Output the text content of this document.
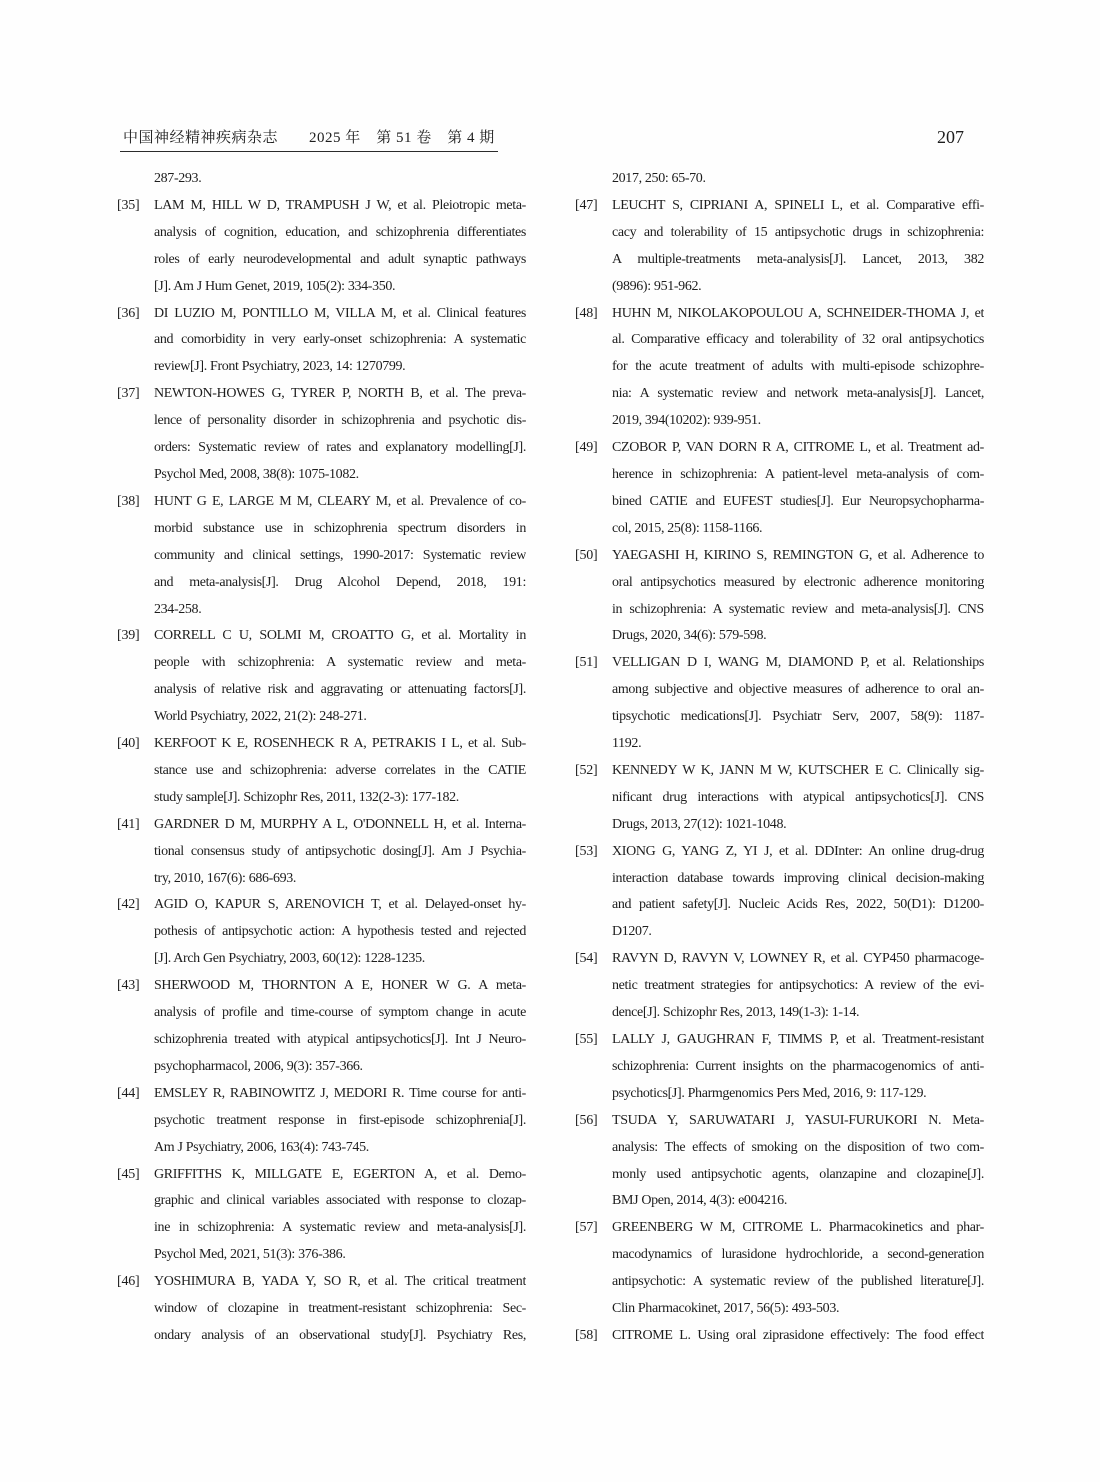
中国神经精神疾病杂志　　2025 年　第 51 卷　第 4 期	207
287-293.
[35]	LAM M, HILL W D, TRAMPUSH J W, et al. Pleiotropic meta-
analysis of cognition, education, and schizophrenia differentiates
roles of early neurodevelopmental and adult synaptic pathways
[J]. Am J Hum Genet, 2019, 105(2): 334-350.
[36]	DI LUZIO M, PONTILLO M, VILLA M, et al. Clinical features
and comorbidity in very early-onset schizophrenia: A systematic
review[J]. Front Psychiatry, 2023, 14: 1270799.
[37]	NEWTON-HOWES G, TYRER P, NORTH B, et al. The preva-
lence of personality disorder in schizophrenia and psychotic dis-
orders: Systematic review of rates and explanatory modelling[J].
Psychol Med, 2008, 38(8): 1075-1082.
[38]	HUNT G E, LARGE M M, CLEARY M, et al. Prevalence of co-
morbid substance use in schizophrenia spectrum disorders in
community and clinical settings, 1990-2017: Systematic review
and meta-analysis[J]. Drug Alcohol Depend, 2018, 191:
234-258.
[39]	CORRELL C U, SOLMI M, CROATTO G, et al. Mortality in
people with schizophrenia: A systematic review and meta-
analysis of relative risk and aggravating or attenuating factors[J].
World Psychiatry, 2022, 21(2): 248-271.
[40]	KERFOOT K E, ROSENHECK R A, PETRAKIS I L, et al. Sub-
stance use and schizophrenia: adverse correlates in the CATIE
study sample[J]. Schizophr Res, 2011, 132(2-3): 177-182.
[41]	GARDNER D M, MURPHY A L, O'DONNELL H, et al. Interna-
tional consensus study of antipsychotic dosing[J]. Am J Psychia-
try, 2010, 167(6): 686-693.
[42]	AGID O, KAPUR S, ARENOVICH T, et al. Delayed-onset hy-
pothesis of antipsychotic action: A hypothesis tested and rejected
[J]. Arch Gen Psychiatry, 2003, 60(12): 1228-1235.
[43]	SHERWOOD M, THORNTON A E, HONER W G. A meta-
analysis of profile and time-course of symptom change in acute
schizophrenia treated with atypical antipsychotics[J]. Int J Neuro-
psychopharmacol, 2006, 9(3): 357-366.
[44]	EMSLEY R, RABINOWITZ J, MEDORI R. Time course for anti-
psychotic treatment response in first-episode schizophrenia[J].
Am J Psychiatry, 2006, 163(4): 743-745.
[45]	GRIFFITHS K, MILLGATE E, EGERTON A, et al. Demo-
graphic and clinical variables associated with response to clozap-
ine in schizophrenia: A systematic review and meta-analysis[J].
Psychol Med, 2021, 51(3): 376-386.
[46]	YOSHIMURA B, YADA Y, SO R, et al. The critical treatment
window of clozapine in treatment-resistant schizophrenia: Sec-
ondary analysis of an observational study[J]. Psychiatry Res,
2017, 250: 65-70.
[47]	LEUCHT S, CIPRIANI A, SPINELI L, et al. Comparative effi-
cacy and tolerability of 15 antipsychotic drugs in schizophrenia:
A multiple-treatments meta-analysis[J]. Lancet, 2013, 382
(9896): 951-962.
[48]	HUHN M, NIKOLAKOPOULOU A, SCHNEIDER-THOMA J, et
al. Comparative efficacy and tolerability of 32 oral antipsychotics
for the acute treatment of adults with multi-episode schizophre-
nia: A systematic review and network meta-analysis[J]. Lancet,
2019, 394(10202): 939-951.
[49]	CZOBOR P, VAN DORN R A, CITROME L, et al. Treatment ad-
herence in schizophrenia: A patient-level meta-analysis of com-
bined CATIE and EUFEST studies[J]. Eur Neuropsychopharma-
col, 2015, 25(8): 1158-1166.
[50]	YAEGASHI H, KIRINO S, REMINGTON G, et al. Adherence to
oral antipsychotics measured by electronic adherence monitoring
in schizophrenia: A systematic review and meta-analysis[J]. CNS
Drugs, 2020, 34(6): 579-598.
[51]	VELLIGAN D I, WANG M, DIAMOND P, et al. Relationships
among subjective and objective measures of adherence to oral an-
tipsychotic medications[J]. Psychiatr Serv, 2007, 58(9): 1187-
1192.
[52]	KENNEDY W K, JANN M W, KUTSCHER E C. Clinically sig-
nificant drug interactions with atypical antipsychotics[J]. CNS
Drugs, 2013, 27(12): 1021-1048.
[53]	XIONG G, YANG Z, YI J, et al. DDInter: An online drug-drug
interaction database towards improving clinical decision-making
and patient safety[J]. Nucleic Acids Res, 2022, 50(D1): D1200-
D1207.
[54]	RAVYN D, RAVYN V, LOWNEY R, et al. CYP450 pharmacoge-
netic treatment strategies for antipsychotics: A review of the evi-
dence[J]. Schizophr Res, 2013, 149(1-3): 1-14.
[55]	LALLY J, GAUGHRAN F, TIMMS P, et al. Treatment-resistant
schizophrenia: Current insights on the pharmacogenomics of anti-
psychotics[J]. Pharmgenomics Pers Med, 2016, 9: 117-129.
[56]	TSUDA Y, SARUWATARI J, YASUI-FURUKORI N. Meta-
analysis: The effects of smoking on the disposition of two com-
monly used antipsychotic agents, olanzapine and clozapine[J].
BMJ Open, 2014, 4(3): e004216.
[57]	GREENBERG W M, CITROME L. Pharmacokinetics and phar-
macodynamics of lurasidone hydrochloride, a second-generation
antipsychotic: A systematic review of the published literature[J].
Clin Pharmacokinet, 2017, 56(5): 493-503.
[58]	CITROME L. Using oral ziprasidone effectively: The food effect
